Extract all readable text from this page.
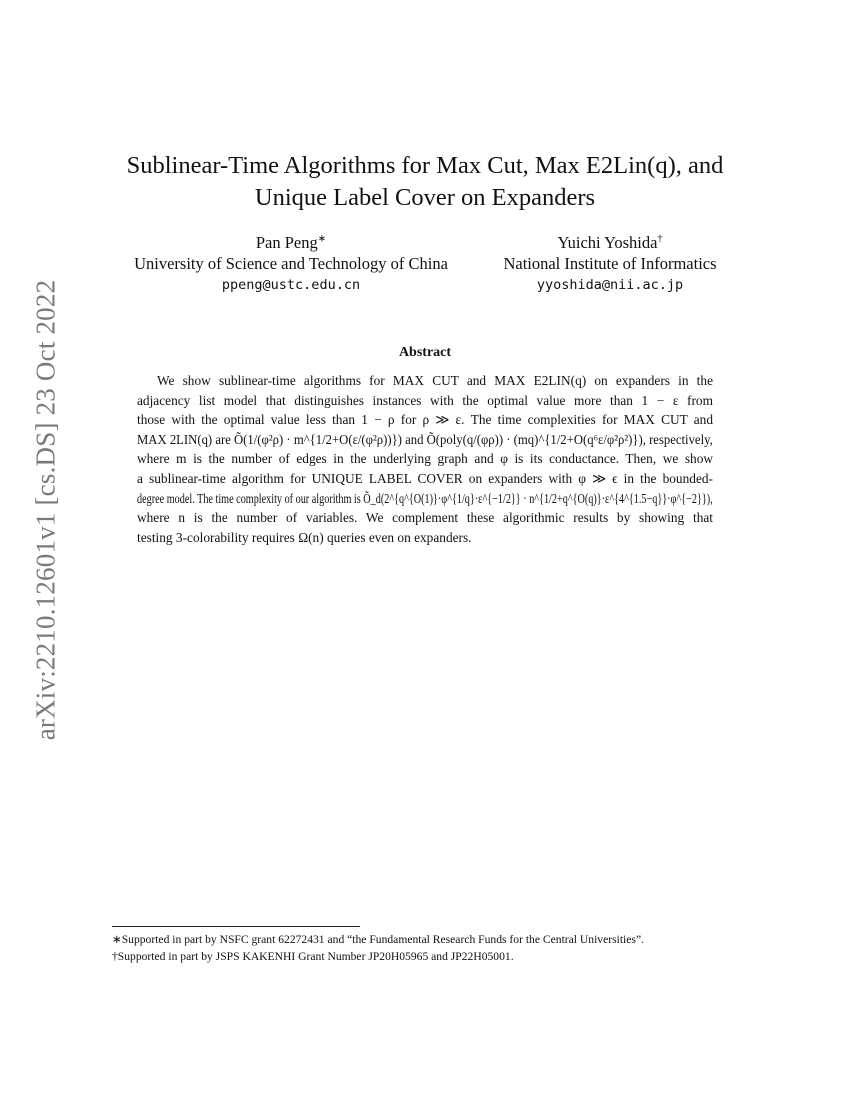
arXiv:2210.12601v1 [cs.DS] 23 Oct 2022
Sublinear-Time Algorithms for Max Cut, Max E2Lin(q), and
Unique Label Cover on Expanders
Pan Peng∗
University of Science and Technology of China
ppeng@ustc.edu.cn
Yuichi Yoshida†
National Institute of Informatics
yyoshida@nii.ac.jp
Abstract
We show sublinear-time algorithms for MAX CUT and MAX E2LIN(q) on expanders in the
adjacency list model that distinguishes instances with the optimal value more than 1 − ε from
those with the optimal value less than 1 − ρ for ρ ≫ ε. The time complexities for MAX CUT and
MAX 2LIN(q) are Õ(1/(φ²ρ) · m^{1/2+O(ε/(φ²ρ))}) and Õ(poly(q/(φρ)) · (mq)^{1/2+O(q⁶ε/φ²ρ²)}), respectively,
where m is the number of edges in the underlying graph and φ is its conductance. Then, we show
a sublinear-time algorithm for UNIQUE LABEL COVER on expanders with φ ≫ ϵ in the bounded-
degree model. The time complexity of our algorithm is Õ_d(2^{q^{O(1)}·φ^{1/q}·ε^{−1/2}} · n^{1/2+q^{O(q)}·ε^{4^{1.5−q}}·φ^{−2}}),
where n is the number of variables. We complement these algorithmic results by showing that
testing 3-colorability requires Ω(n) queries even on expanders.
∗Supported in part by NSFC grant 62272431 and “the Fundamental Research Funds for the Central Universities”.
†Supported in part by JSPS KAKENHI Grant Number JP20H05965 and JP22H05001.
